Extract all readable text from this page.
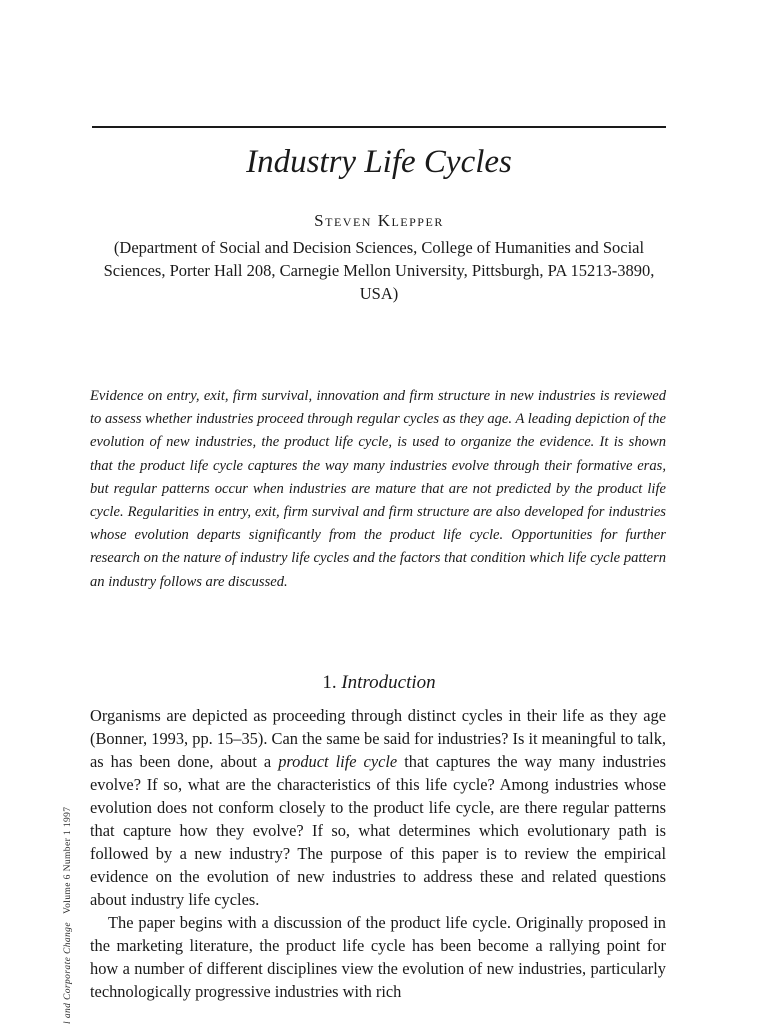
Industry Life Cycles
Steven Klepper
(Department of Social and Decision Sciences, College of Humanities and Social Sciences, Porter Hall 208, Carnegie Mellon University, Pittsburgh, PA 15213-3890, USA)

Evidence on entry, exit, firm survival, innovation and firm structure in new industries is reviewed to assess whether industries proceed through regular cycles as they age. A leading depiction of the evolution of new industries, the product life cycle, is used to organize the evidence. It is shown that the product life cycle captures the way many industries evolve through their formative eras, but regular patterns occur when industries are mature that are not predicted by the product life cycle. Regularities in entry, exit, firm survival and firm structure are also developed for industries whose evolution departs significantly from the product life cycle. Opportunities for further research on the nature of industry life cycles and the factors that condition which life cycle pattern an industry follows are discussed.

1. Introduction

Organisms are depicted as proceeding through distinct cycles in their life as they age (Bonner, 1993, pp. 15–35). Can the same be said for industries? Is it meaningful to talk, as has been done, about a product life cycle that captures the way many industries evolve? If so, what are the characteristics of this life cycle? Among industries whose evolution does not conform closely to the product life cycle, are there regular patterns that capture how they evolve? If so, what determines which evolutionary path is followed by a new industry? The purpose of this paper is to review the empirical evidence on the evolution of new industries to address these and related questions about industry life cycles.

The paper begins with a discussion of the product life cycle. Originally proposed in the marketing literature, the product life cycle has been become a rallying point for how a number of different disciplines view the evolution of new industries, particularly technologically progressive industries with rich

l and Corporate Change   Volume 6 Number 1 1997
